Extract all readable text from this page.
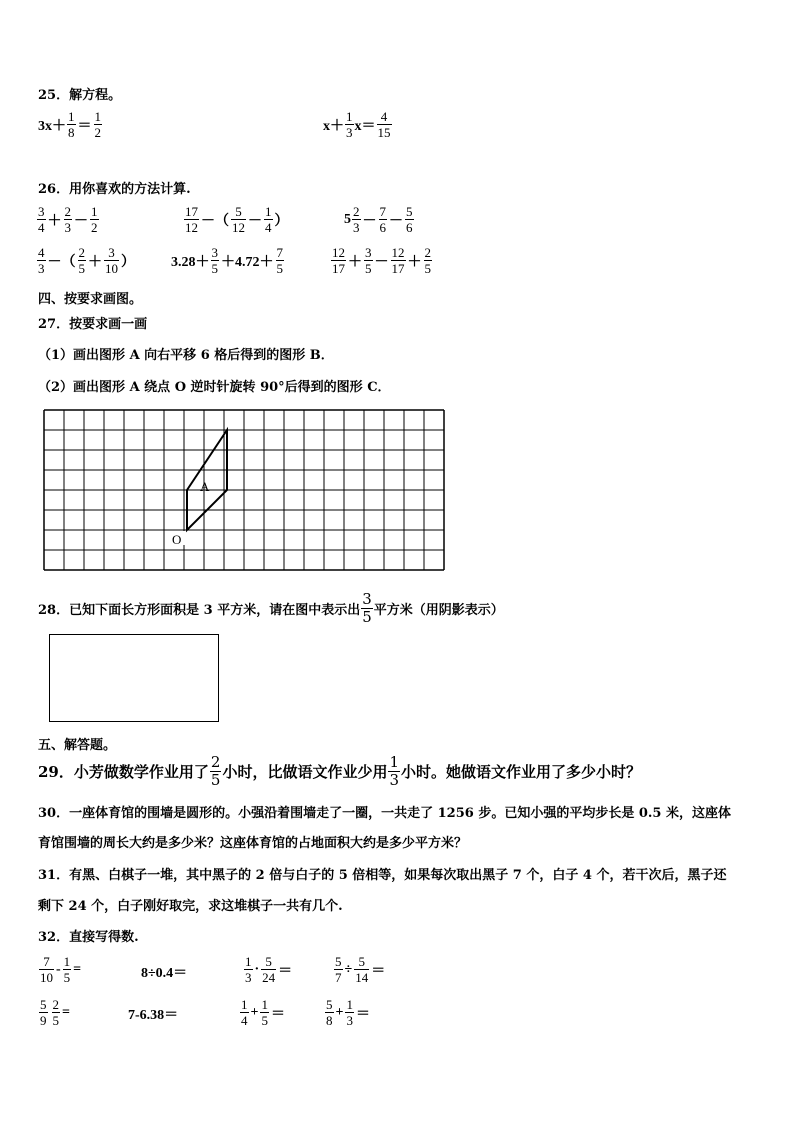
25．解方程。
$3x+ \frac{1}{8} = \frac{1}{2}$	$x+ \frac{1}{3} x= \frac{4}{15}$
26．用你喜欢的方法计算.
$\frac{3}{4} + \frac{2}{3} - \frac{1}{2}$	$\frac{17}{12}$ －（ $\frac{5}{12} - \frac{1}{4}$ ）	$5 \frac{2}{3} - \frac{7}{6} - \frac{5}{6}$
$\frac{4}{3}$ －（ $\frac{2}{5} + \frac{3}{10}$ ）	$3.28+ \frac{3}{5} +4.72+ \frac{7}{5}$	$\frac{12}{17} + \frac{3}{5} - \frac{12}{17} + \frac{2}{5}$
四、按要求画图。
27．按要求画一画
（1）画出图形 A 向右平移 6 格后得到的图形 B．
（2）画出图形 A 绕点 O 逆时针旋转 90°后得到的图形 C．
A
O
28．已知下面长方形面积是 3 平方米，请在图中表示出 $\frac{3}{5}$ 平方米（用阴影表示）
五、解答题。
29．小芳做数学作业用了 $\frac{2}{5}$ 小时，比做语文作业少用 $\frac{1}{3}$ 小时。她做语文作业用了多少小时？
30．一座体育馆的围墙是圆形的。小强沿着围墙走了一圈，一共走了 1256 步。已知小强的平均步长是 0.5 米，这座体
育馆围墙的周长大约是多少米？这座体育馆的占地面积大约是多少平方米？
31．有黑、白棋子一堆，其中黑子的 2 倍与白子的 5 倍相等，如果每次取出黑子 7 个，白子 4 个，若干次后，黑子还
剩下 24 个，白子刚好取完，求这堆棋子一共有几个.
32．直接写得数.
$\frac{7}{10} - \frac{1}{5}$ =	8÷0.4＝	$\frac{1}{3} \cdot \frac{5}{24}$ ＝	$\frac{5}{7} \div \frac{5}{14}$ ＝
$\frac{5}{9} \frac{2}{5}$ =	7-6.38＝	$\frac{1}{4} + \frac{1}{5}$ ＝	$\frac{5}{8} + \frac{1}{3}$ ＝
